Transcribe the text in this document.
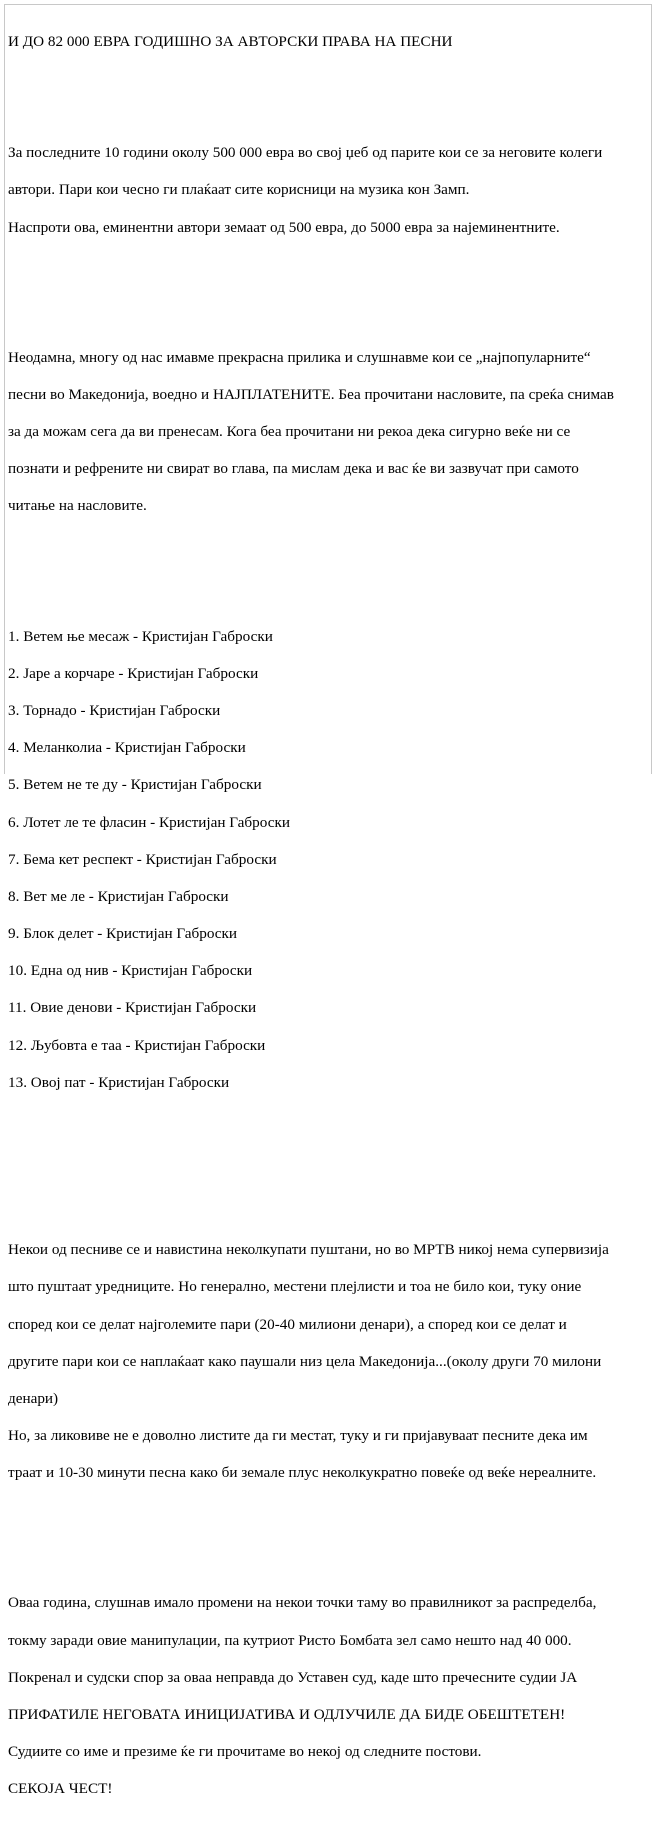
И ДО 82 000 ЕВРА ГОДИШНО ЗА АВТОРСКИ ПРАВА НА ПЕСНИ

За последните 10 години околу 500 000 евра во свој џеб од парите кои се за неговите колеги

автори. Пари кои чесно ги плаќаат сите корисници на музика кон Замп.

Наспроти ова, еминентни автори земаат од 500 евра, до 5000 евра за најеминентните.

Неодамна, многу од нас имавме прекрасна прилика и слушнавме кои се „најпопуларните“

песни во Македонија, воедно и НАЈПЛАТЕНИТЕ. Беа прочитани насловите, па среќа снимав

за да можам сега да ви пренесам. Кога беа прочитани ни рекоа дека сигурно веќе ни се

познати и рефрените ни свират во глава, па мислам дека и вас ќе ви зазвучат при самото

читање на насловите.

1. Ветем ње месаж - Кристијан Габроски

2. Јаре а корчаре - Кристијан Габроски

3. Торнадо - Кристијан Габроски

4. Меланколиа - Кристијан Габроски

5. Ветем не те ду - Кристијан Габроски

6. Лотет ле те фласин - Кристијан Габроски

7. Бема кет респект - Кристијан Габроски

8. Вет ме ле - Кристијан Габроски

9. Блок делет - Кристијан Габроски

10. Една од нив - Кристијан Габроски

11. Овие денови - Кристијан Габроски

12. Љубовта е таа - Кристијан Габроски

13. Овој пат - Кристијан Габроски

Некои од песниве се и навистина неколкупати пуштани, но во МРТВ никој нема супервизија

што пуштаат уредниците. Но генерално, местени плејлисти и тоа не било кои, туку оние

според кои се делат најголемите пари (20-40 милиони денари), а според кои се делат и

другите пари кои се наплаќаат како паушали низ цела Македонија...(околу други 70 милони

денари)

Но, за ликовиве не е доволно листите да ги местат, туку и ги пријавуваат песните дека им

траат и 10-30 минути песна како би земале плус неколкукратно повеќе од веќе нереалните.

Оваа година, слушнав имало промени на некои точки таму во правилникот за распределба,

токму заради овие манипулации, па кутриот Ристо Бомбата зел само нешто над 40 000.

Покренал и судски спор за оваа неправда до Уставен суд, каде што пречесните судии ЈА

ПРИФАТИЛЕ НЕГОВАТА ИНИЦИЈАТИВА И ОДЛУЧИЛЕ ДА БИДЕ ОБЕШТЕТЕН!

Судиите со име и презиме ќе ги прочитаме во некој од следните постови.

СЕКОЈА ЧЕСТ!
